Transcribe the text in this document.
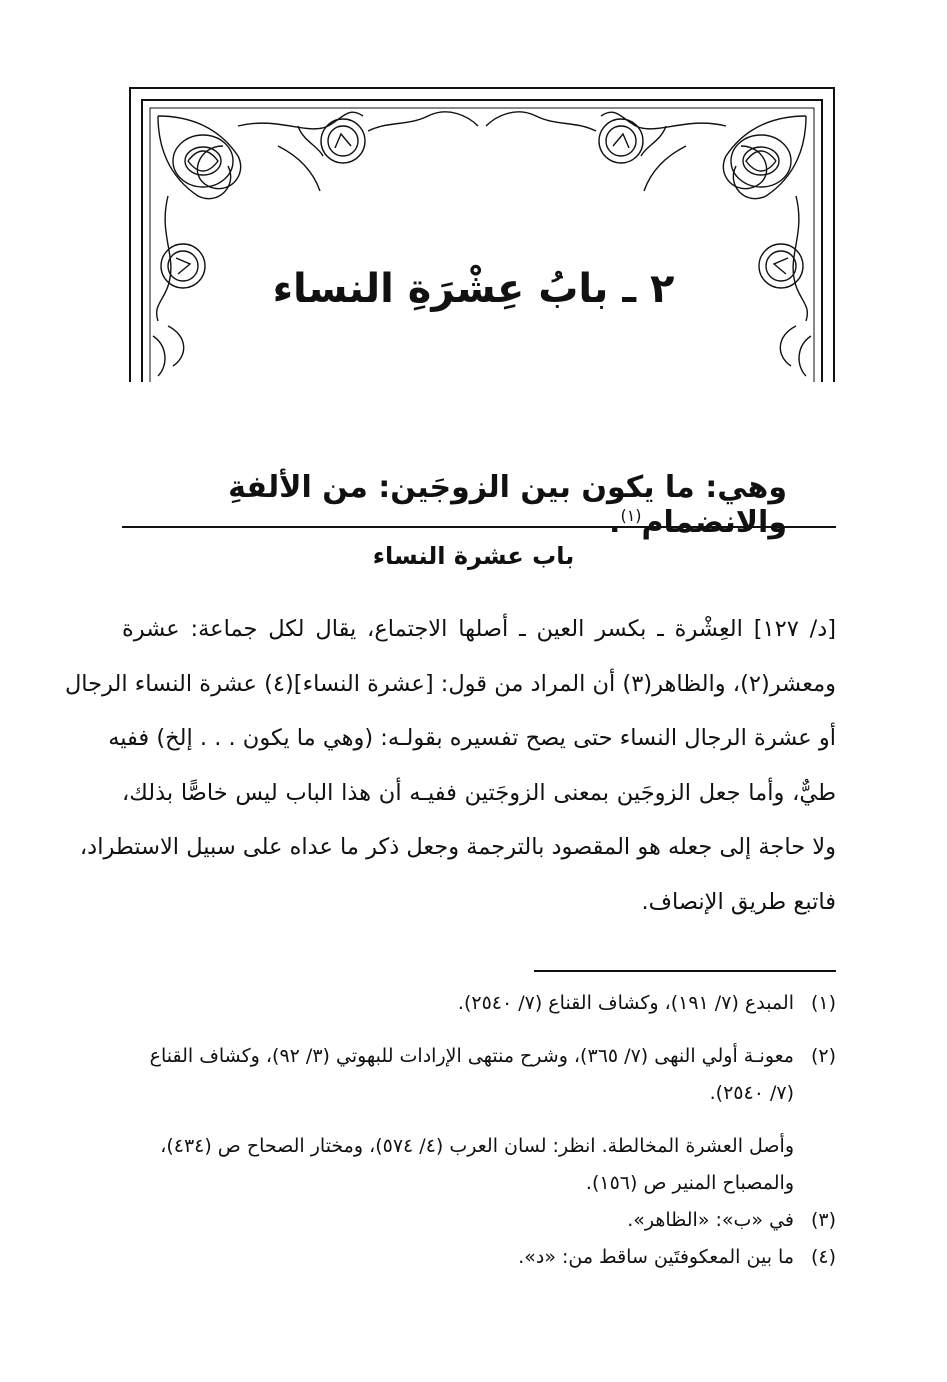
٢ ـ بابُ عِشْرَةِ النساء
وهي: ما يكون بين الزوجَين: من الألفةِ والانضمام$^{(١)}$.
باب عشرة النساء
[د/ ١٢٧] العِشْرة ـ بكسر العين ـ أصلها الاجتماع، يقال لكل جماعة: عشرة
ومعشر(٢)، والظاهر(٣) أن المراد من قول: [عشرة النساء](٤) عشرة النساء الرجال
أو عشرة الرجال النساء حتى يصح تفسيره بقولـه: (وهي ما يكون . . . إلخ) ففيه
طيٌّ، وأما جعل الزوجَين بمعنى الزوجَتين ففيـه أن هذا الباب ليس خاصًّا بذلك،
ولا حاجة إلى جعله هو المقصود بالترجمة وجعل ذكر ما عداه على سبيل الاستطراد،
فاتبع طريق الإنصاف.
(١)المبدع (٧/ ١٩١)، وكشاف القناع (٧/ ٢٥٤٠).
(٢)معونـة أولي النهى (٧/ ٣٦٥)، وشرح منتهى الإرادات للبهوتي (٣/ ٩٢)، وكشاف القناع
(٧/ ٢٥٤٠).
وأصل العشرة المخالطة. انظر: لسان العرب (٤/ ٥٧٤)، ومختار الصحاح ص (٤٣٤)،
والمصباح المنير ص (١٥٦).
(٣)في «ب»: «الظاهر».
(٤)ما بين المعكوفتَين ساقط من: «د».
